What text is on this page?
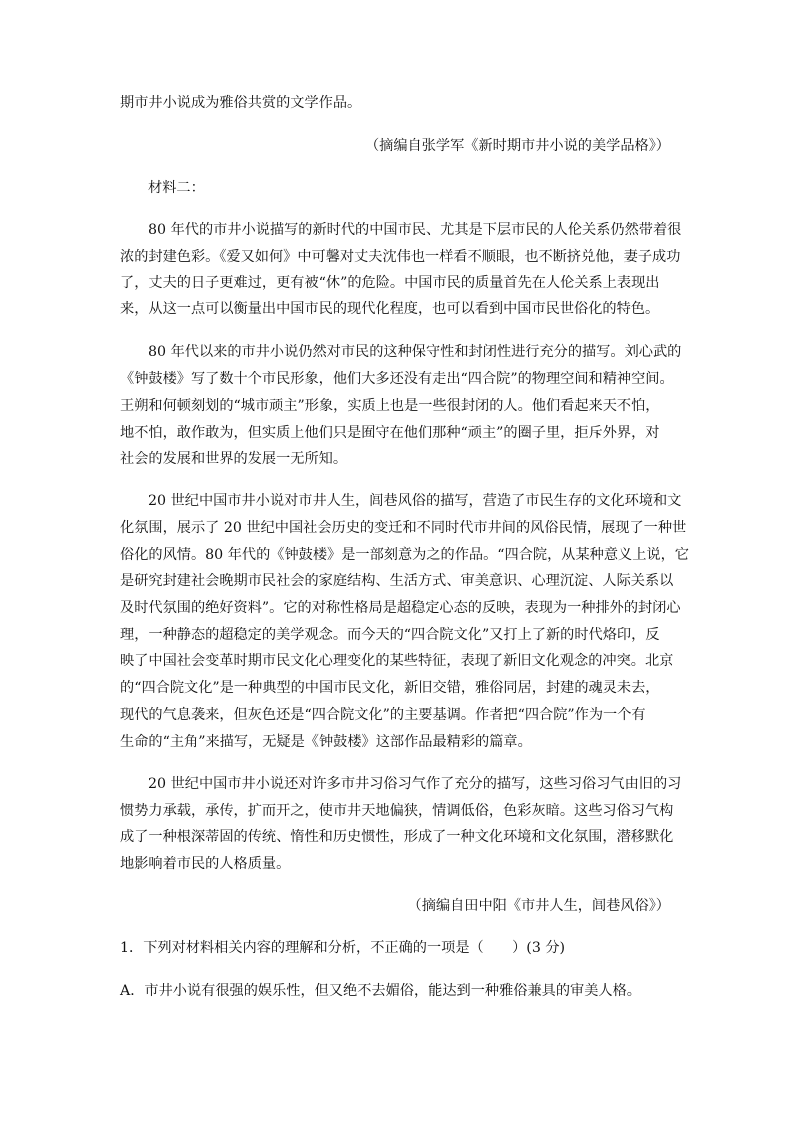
期市井小说成为雅俗共赏的文学作品。
（摘编自张学军《新时期市井小说的美学品格》）
材料二：
80 年代的市井小说描写的新时代的中国市民、尤其是下层市民的人伦关系仍然带着很
浓的封建色彩。《爱又如何》中可馨对丈夫沈伟也一样看不顺眼，也不断挤兑他，妻子成功
了，丈夫的日子更难过，更有被“休”的危险。中国市民的质量首先在人伦关系上表现出
来，从这一点可以衡量出中国市民的现代化程度，也可以看到中国市民世俗化的特色。
80 年代以来的市井小说仍然对市民的这种保守性和封闭性进行充分的描写。刘心武的
《钟鼓楼》写了数十个市民形象，他们大多还没有走出“四合院”的物理空间和精神空间。
王朔和何顿刻划的“城市顽主”形象，实质上也是一些很封闭的人。他们看起来天不怕，
地不怕，敢作敢为，但实质上他们只是囿守在他们那种“顽主”的圈子里，拒斥外界，对
社会的发展和世界的发展一无所知。
20 世纪中国市井小说对市井人生，闾巷风俗的描写，营造了市民生存的文化环境和文
化氛围，展示了 20 世纪中国社会历史的变迁和不同时代市井间的风俗民情，展现了一种世
俗化的风情。80 年代的《钟鼓楼》是一部刻意为之的作品。“四合院，从某种意义上说，它
是研究封建社会晚期市民社会的家庭结构、生活方式、审美意识、心理沉淀、人际关系以
及时代氛围的绝好资料”。它的对称性格局是超稳定心态的反映，表现为一种排外的封闭心
理，一种静态的超稳定的美学观念。而今天的“四合院文化”又打上了新的时代烙印，反
映了中国社会变革时期市民文化心理变化的某些特征，表现了新旧文化观念的冲突。北京
的“四合院文化”是一种典型的中国市民文化，新旧交错，雅俗同居，封建的魂灵未去，
现代的气息袭来，但灰色还是“四合院文化”的主要基调。作者把“四合院”作为一个有
生命的“主角”来描写，无疑是《钟鼓楼》这部作品最精彩的篇章。
20 世纪中国市井小说还对许多市井习俗习气作了充分的描写，这些习俗习气由旧的习
惯势力承载，承传，扩而开之，使市井天地偏狭，情调低俗，色彩灰暗。这些习俗习气构
成了一种根深蒂固的传统、惰性和历史惯性，形成了一种文化环境和文化氛围，潜移默化
地影响着市民的人格质量。
（摘编自田中阳《市井人生，闾巷风俗》）
1．下列对材料相关内容的理解和分析，不正确的一项是（　　）(3 分)
A．市井小说有很强的娱乐性，但又绝不去媚俗，能达到一种雅俗兼具的审美人格。
